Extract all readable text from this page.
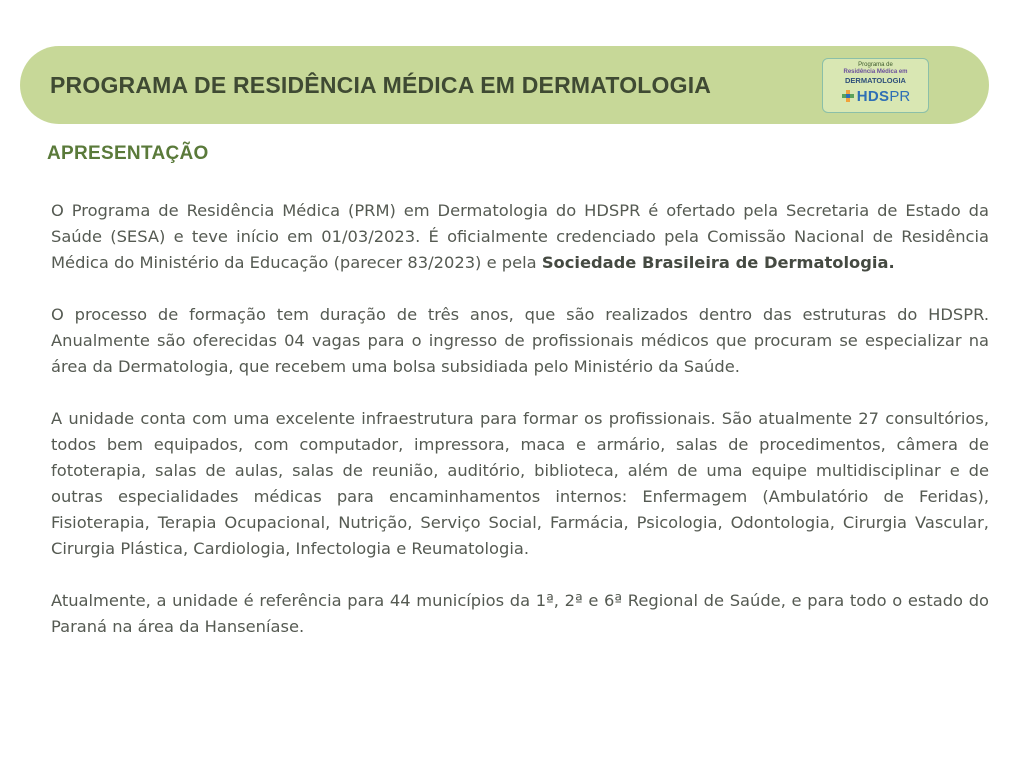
PROGRAMA DE RESIDÊNCIA MÉDICA EM DERMATOLOGIA
Programa de
Residência Médica em
DERMATOLOGIA
HDS PR
APRESENTAÇÃO

O Programa de Residência Médica (PRM) em Dermatologia do HDSPR é ofertado pela Secretaria de Estado da Saúde (SESA) e teve início em 01/03/2023. É oficialmente credenciado pela Comissão Nacional de Residência Médica do Ministério da Educação (parecer 83/2023) e pela Sociedade Brasileira de Dermatologia.

O processo de formação tem duração de três anos, que são realizados dentro das estruturas do HDSPR. Anualmente são oferecidas 04 vagas para o ingresso de profissionais médicos que procuram se especializar na área da Dermatologia, que recebem uma bolsa subsidiada pelo Ministério da Saúde.

A unidade conta com uma excelente infraestrutura para formar os profissionais. São atualmente 27 consultórios, todos bem equipados, com computador, impressora, maca e armário, salas de procedimentos, câmera de fototerapia, salas de aulas, salas de reunião, auditório, biblioteca, além de uma equipe multidisciplinar e de outras especialidades médicas para encaminhamentos internos: Enfermagem (Ambulatório de Feridas), Fisioterapia, Terapia Ocupacional, Nutrição, Serviço Social, Farmácia, Psicologia, Odontologia, Cirurgia Vascular, Cirurgia Plástica, Cardiologia, Infectologia e Reumatologia.

Atualmente, a unidade é referência para 44 municípios da 1ª, 2ª e 6ª Regional de Saúde, e para todo o estado do Paraná na área da Hanseníase.
